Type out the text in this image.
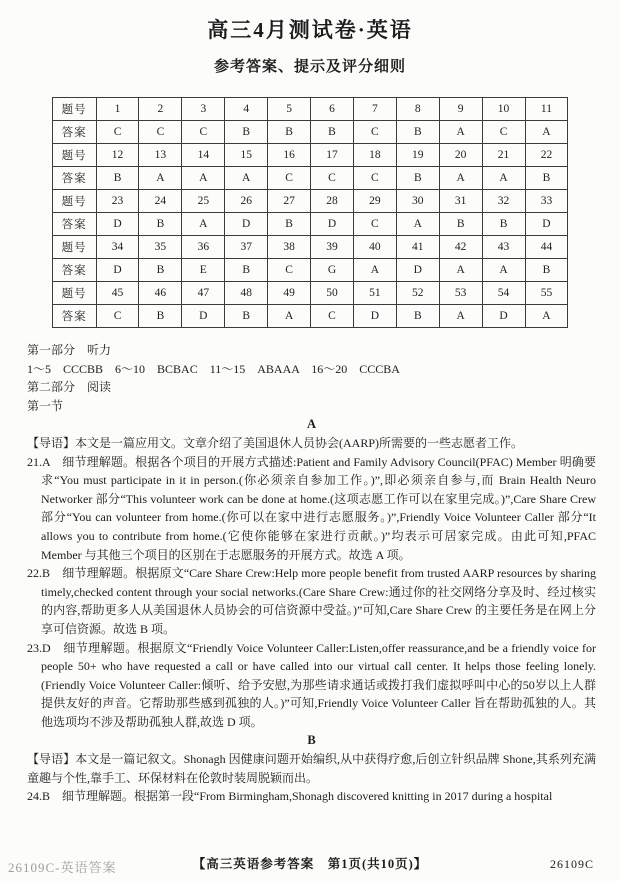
高三4月测试卷·英语
参考答案、提示及评分细则
题号	1	2	3	4	5	6	7	8	9	10	11
答案	C	C	C	B	B	B	C	B	A	C	A
题号	12	13	14	15	16	17	18	19	20	21	22
答案	B	A	A	A	C	C	C	B	A	A	B
题号	23	24	25	26	27	28	29	30	31	32	33
答案	D	B	A	D	B	D	C	A	B	B	D
题号	34	35	36	37	38	39	40	41	42	43	44
答案	D	B	E	B	C	G	A	D	A	A	B
题号	45	46	47	48	49	50	51	52	53	54	55
答案	C	B	D	B	A	C	D	B	A	D	A

第一部分　听力

1～5　CCCBB　6～10　BCBAC　11～15　ABAAA　16～20　CCCBA

第二部分　阅读

第一节

A

【导语】本文是一篇应用文。文章介绍了美国退休人员协会(AARP)所需要的一些志愿者工作。

21.A　细节理解题。根据各个项目的开展方式描述:Patient and Family Advisory Council(PFAC) Member 明确要求“You must participate in it in person.(你必须亲自参加工作。)”,即必须亲自参与,而 Brain Health Neuro Networker 部分“This volunteer work can be done at home.(这项志愿工作可以在家里完成。)”,Care Share Crew 部分“You can volunteer from home.(你可以在家中进行志愿服务。)”,Friendly Voice Volunteer Caller 部分“It allows you to contribute from home.(它使你能够在家进行贡献。)”均表示可居家完成。由此可知,PFAC Member 与其他三个项目的区别在于志愿服务的开展方式。故选 A 项。

22.B　细节理解题。根据原文“Care Share Crew:Help more people benefit from trusted AARP resources by sharing timely,checked content through your social networks.(Care Share Crew:通过你的社交网络分享及时、经过核实的内容,帮助更多人从美国退休人员协会的可信资源中受益。)”可知,Care Share Crew 的主要任务是在网上分享可信资源。故选 B 项。

23.D　细节理解题。根据原文“Friendly Voice Volunteer Caller:Listen,offer reassurance,and be a friendly voice for people 50+ who have requested a call or have called into our virtual call center. It helps those feeling lonely.(Friendly Voice Volunteer Caller:倾听、给予安慰,为那些请求通话或拨打我们虚拟呼叫中心的50岁以上人群提供友好的声音。它帮助那些感到孤独的人。)”可知,Friendly Voice Volunteer Caller 旨在帮助孤独的人。其他选项均不涉及帮助孤独人群,故选 D 项。

B

【导语】本文是一篇记叙文。Shonagh 因健康问题开始编织,从中获得疗愈,后创立针织品牌 Shone,其系列充满童趣与个性,靠手工、环保材料在伦敦时装周脱颖而出。

24.B　细节理解题。根据第一段“From Birmingham,Shonagh discovered knitting in 2017 during a hospital

【高三英语参考答案　第1页(共10页)】	26109C
26109C-英语答案
